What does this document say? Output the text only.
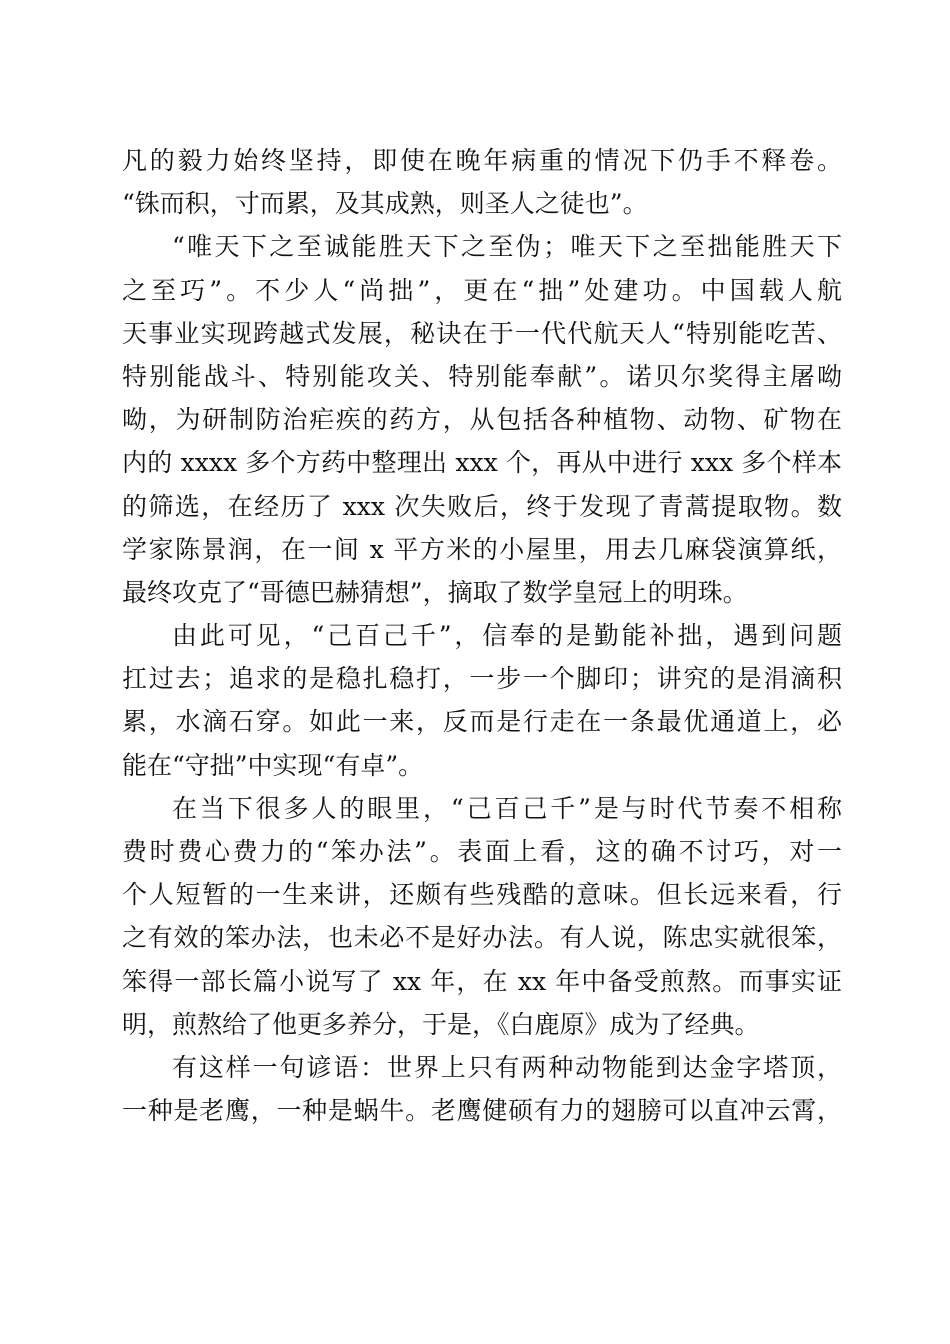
凡的毅力始终坚持，即使在晚年病重的情况下仍手不释卷。
“铢而积，寸而累，及其成熟，则圣人之徒也”。
“唯天下之至诚能胜天下之至伪；唯天下之至拙能胜天下
之至巧”。不少人“尚拙”，更在“拙”处建功。中国载人航
天事业实现跨越式发展，秘诀在于一代代航天人“特别能吃苦、
特别能战斗、特别能攻关、特别能奉献”。诺贝尔奖得主屠呦
呦，为研制防治疟疾的药方，从包括各种植物、动物、矿物在
内的 xxxx 多个方药中整理出 xxx 个，再从中进行 xxx 多个样本
的筛选，在经历了 xxx 次失败后，终于发现了青蒿提取物。数
学家陈景润，在一间 x 平方米的小屋里，用去几麻袋演算纸，
最终攻克了“哥德巴赫猜想”，摘取了数学皇冠上的明珠。
由此可见，“己百己千”，信奉的是勤能补拙，遇到问题
扛过去；追求的是稳扎稳打，一步一个脚印；讲究的是涓滴积
累，水滴石穿。如此一来，反而是行走在一条最优通道上，必
能在“守拙”中实现“有卓”。
在当下很多人的眼里，“己百己千”是与时代节奏不相称
费时费心费力的“笨办法”。表面上看，这的确不讨巧，对一
个人短暂的一生来讲，还颇有些残酷的意味。但长远来看，行
之有效的笨办法，也未必不是好办法。有人说，陈忠实就很笨，
笨得一部长篇小说写了 xx 年，在 xx 年中备受煎熬。而事实证
明，煎熬给了他更多养分，于是，《白鹿原》成为了经典。
有这样一句谚语：世界上只有两种动物能到达金字塔顶，
一种是老鹰，一种是蜗牛。老鹰健硕有力的翅膀可以直冲云霄，
